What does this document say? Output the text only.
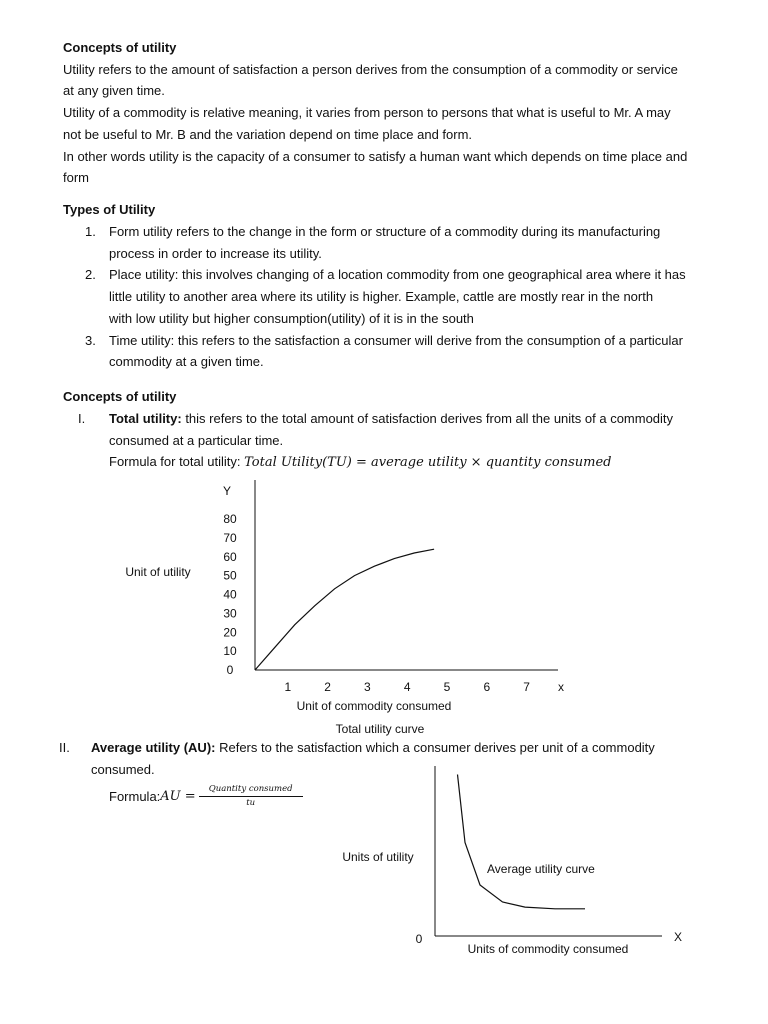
Concepts of utility
Utility refers to the amount of satisfaction a person derives from the consumption of a commodity or service
at any given time.
Utility of a commodity is relative meaning, it varies from person to persons that what is useful to Mr. A may
not be useful to Mr. B and the variation depend on time place and form.
In other words utility is the capacity of a consumer to satisfy a human want which depends on time place and
form
Types of Utility
1. Form utility refers to the change in the form or structure of a commodity during its manufacturing
process in order to increase its utility.
2. Place utility: this involves changing of a location commodity from one geographical area where it has
little utility to another area where its utility is higher. Example, cattle are mostly rear in the north
with low utility but higher consumption(utility) of it is in the south
3. Time utility: this refers to the satisfaction a consumer will derive from the consumption of a particular
commodity at a given time.
Concepts of utility
I. Total utility: this refers to the total amount of satisfaction derives from all the units of a commodity
consumed at a particular time.
Formula for total utility: Total Utility(TU) = average utility × quantity consumed
Y
x
Unit of utility
Unit of commodity consumed
Total utility curve
0
10
20
30
40
50
60
70
80
1	2	3	4	5	6	7
II. Average utility (AU): Refers to the satisfaction which a consumer derives per unit of a commodity
consumed.
Formula: AU = $\frac{\text{Quantity consumed}}{tu}$
Units of utility
0	X
Units of commodity consumed
Average utility curve
